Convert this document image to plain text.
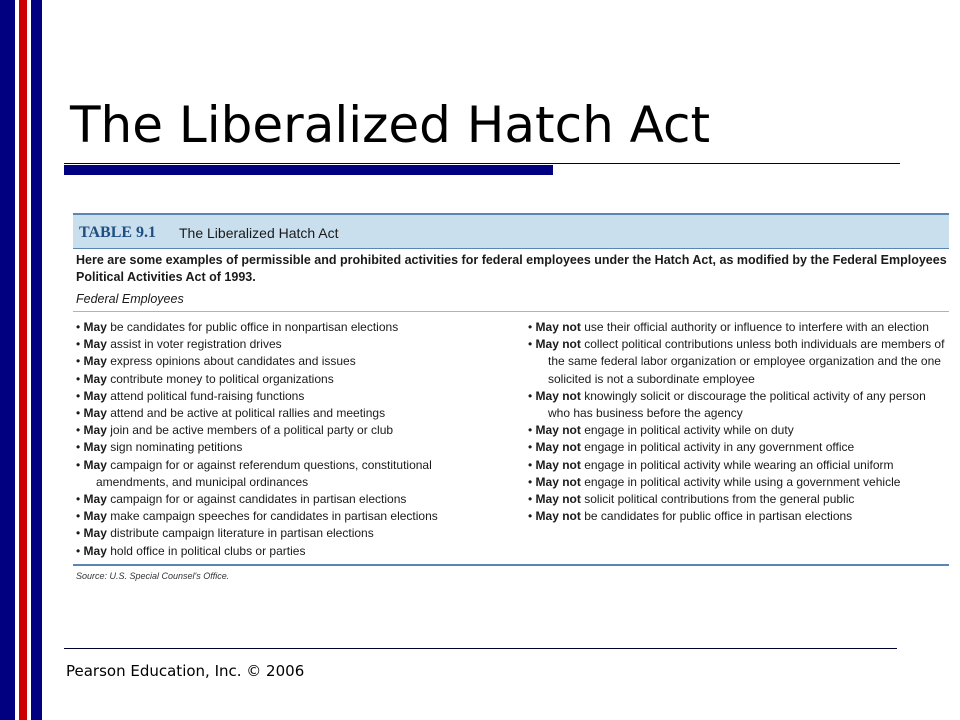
The Liberalized Hatch Act
TABLE 9.1 The Liberalized Hatch Act
Here are some examples of permissible and prohibited activities for federal employees under the Hatch Act, as modified by the Federal Employees Political Activities Act of 1993.
Federal Employees
• May be candidates for public office in nonpartisan elections
• May assist in voter registration drives
• May express opinions about candidates and issues
• May contribute money to political organizations
• May attend political fund-raising functions
• May attend and be active at political rallies and meetings
• May join and be active members of a political party or club
• May sign nominating petitions
• May campaign for or against referendum questions, constitutional amendments, and municipal ordinances
• May campaign for or against candidates in partisan elections
• May make campaign speeches for candidates in partisan elections
• May distribute campaign literature in partisan elections
• May hold office in political clubs or parties
• May not use their official authority or influence to interfere with an election
• May not collect political contributions unless both individuals are members of the same federal labor organization or employee organization and the one solicited is not a subordinate employee
• May not knowingly solicit or discourage the political activity of any person who has business before the agency
• May not engage in political activity while on duty
• May not engage in political activity in any government office
• May not engage in political activity while wearing an official uniform
• May not engage in political activity while using a government vehicle
• May not solicit political contributions from the general public
• May not be candidates for public office in partisan elections
Source: U.S. Special Counsel's Office.
Pearson Education, Inc. © 2006
